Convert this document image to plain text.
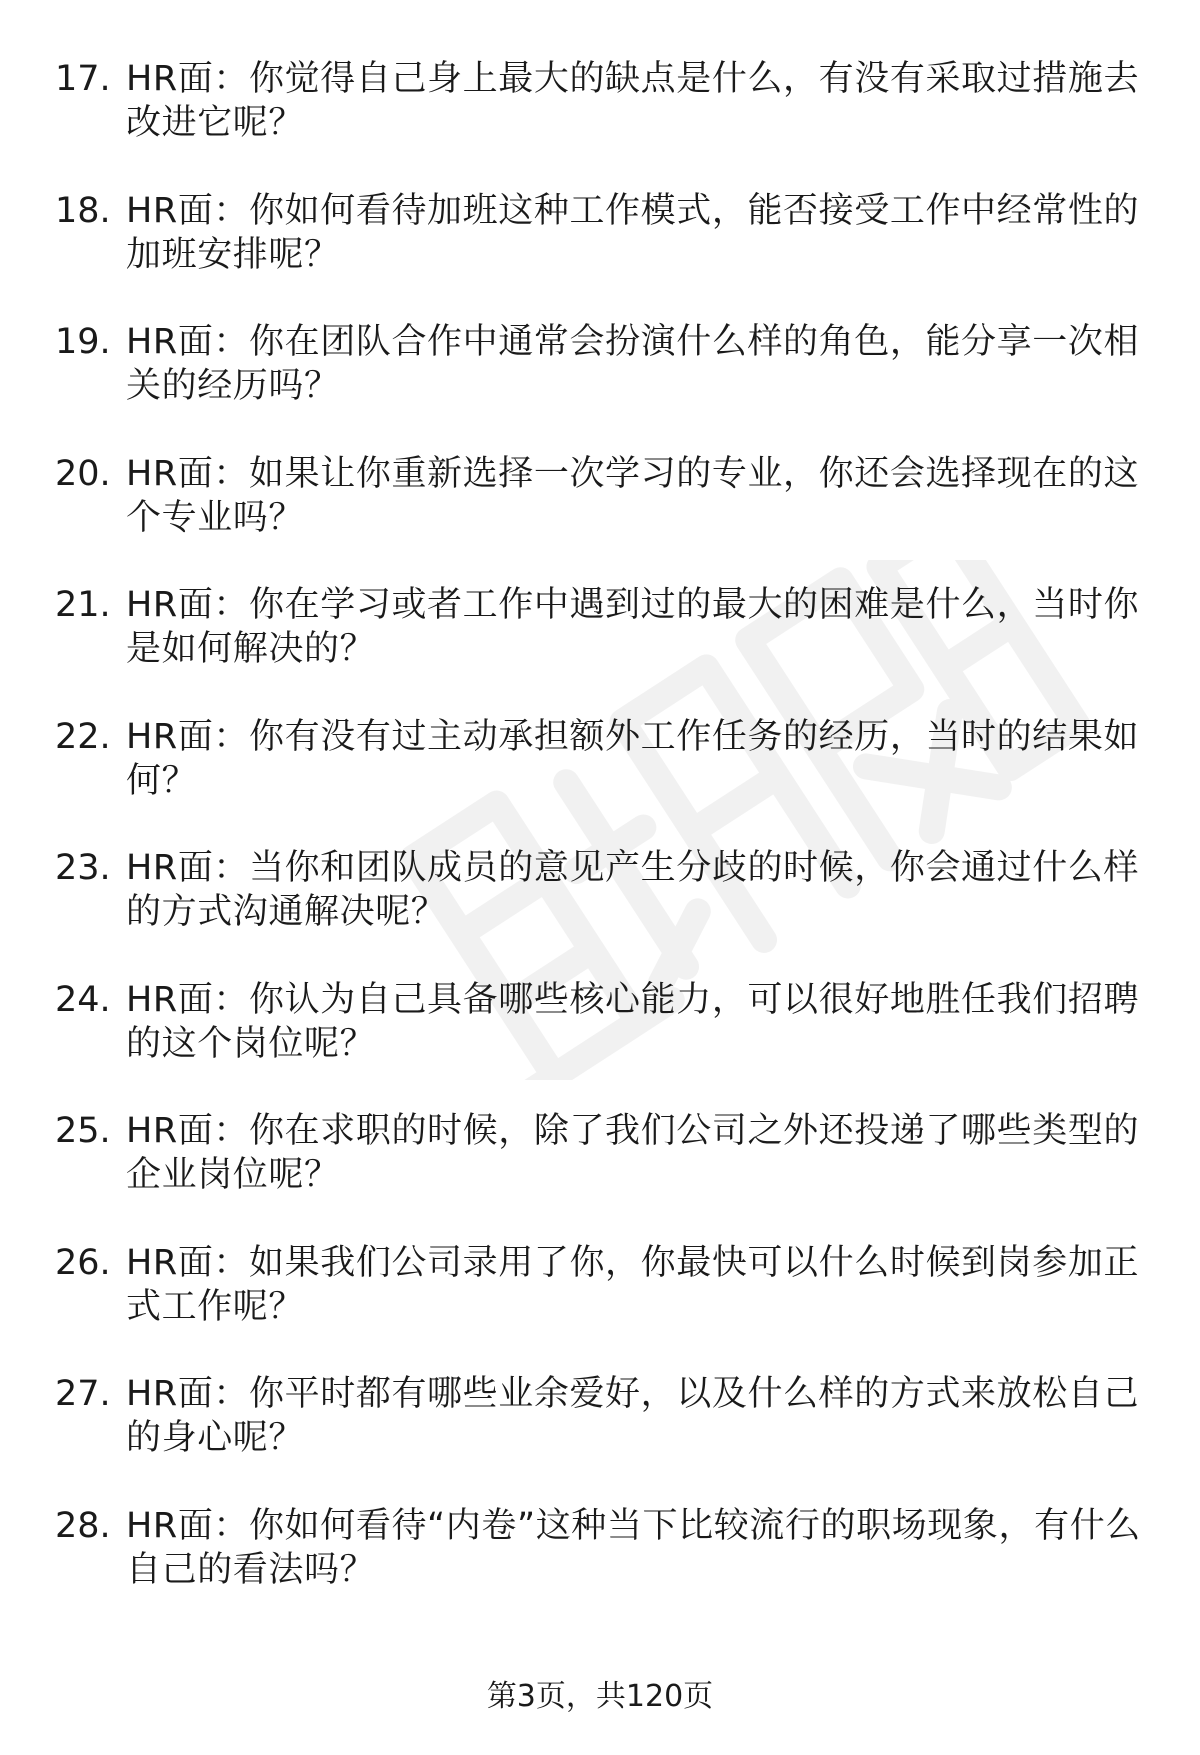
17. HR面：你觉得自己身上最大的缺点是什么，有没有采取过措施去改进它呢？
18. HR面：你如何看待加班这种工作模式，能否接受工作中经常性的加班安排呢？
19. HR面：你在团队合作中通常会扮演什么样的角色，能分享一次相关的经历吗？
20. HR面：如果让你重新选择一次学习的专业，你还会选择现在的这个专业吗？
21. HR面：你在学习或者工作中遇到过的最大的困难是什么，当时你是如何解决的？
22. HR面：你有没有过主动承担额外工作任务的经历，当时的结果如何？
23. HR面：当你和团队成员的意见产生分歧的时候，你会通过什么样的方式沟通解决呢？
24. HR面：你认为自己具备哪些核心能力，可以很好地胜任我们招聘的这个岗位呢？
25. HR面：你在求职的时候，除了我们公司之外还投递了哪些类型的企业岗位呢？
26. HR面：如果我们公司录用了你，你最快可以什么时候到岗参加正式工作呢？
27. HR面：你平时都有哪些业余爱好，以及什么样的方式来放松自己的身心呢？
28. HR面：你如何看待“内卷”这种当下比较流行的职场现象，有什么自己的看法吗？
第3页，共120页
